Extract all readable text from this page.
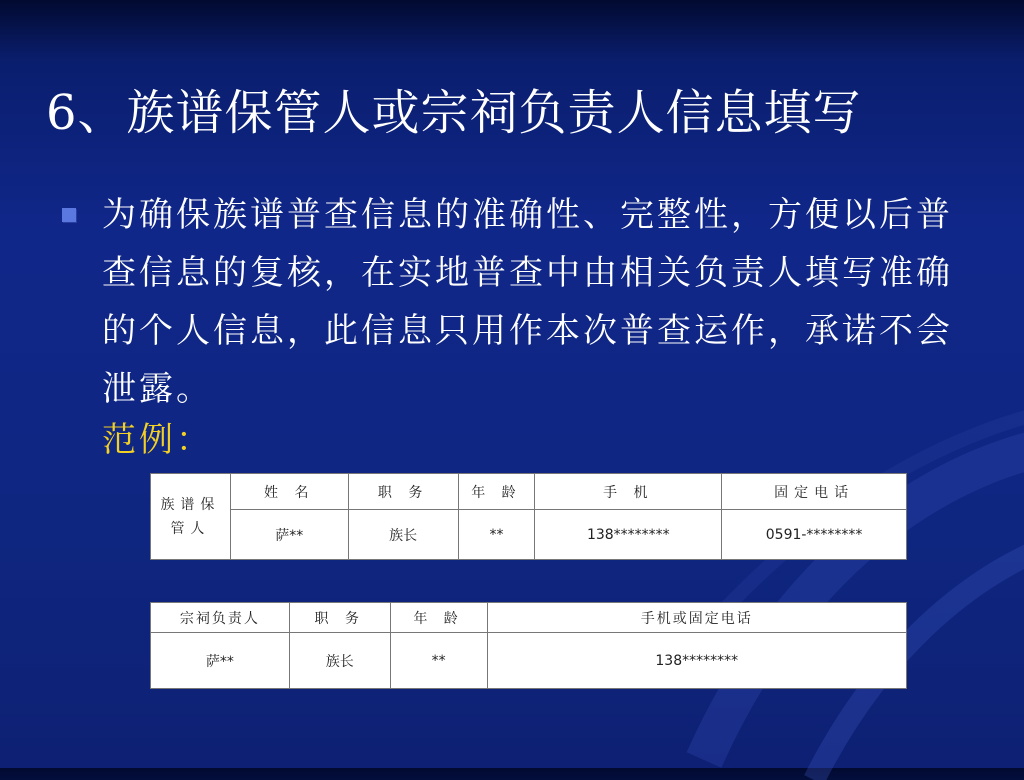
6、族谱保管人或宗祠负责人信息填写

为确保族谱普查信息的准确性、完整性，方便以后普查信息的复核，在实地普查中由相关负责人填写准确的个人信息，此信息只用作本次普查运作，承诺不会泄露。

范例：

族谱保
管人	姓 名	职 务	年 龄	手 机	固定电话
	萨**	族长	**	138********	0591-********
宗祠负责人	职 务	年 龄	手机或固定电话
萨**	族长	**	138********
